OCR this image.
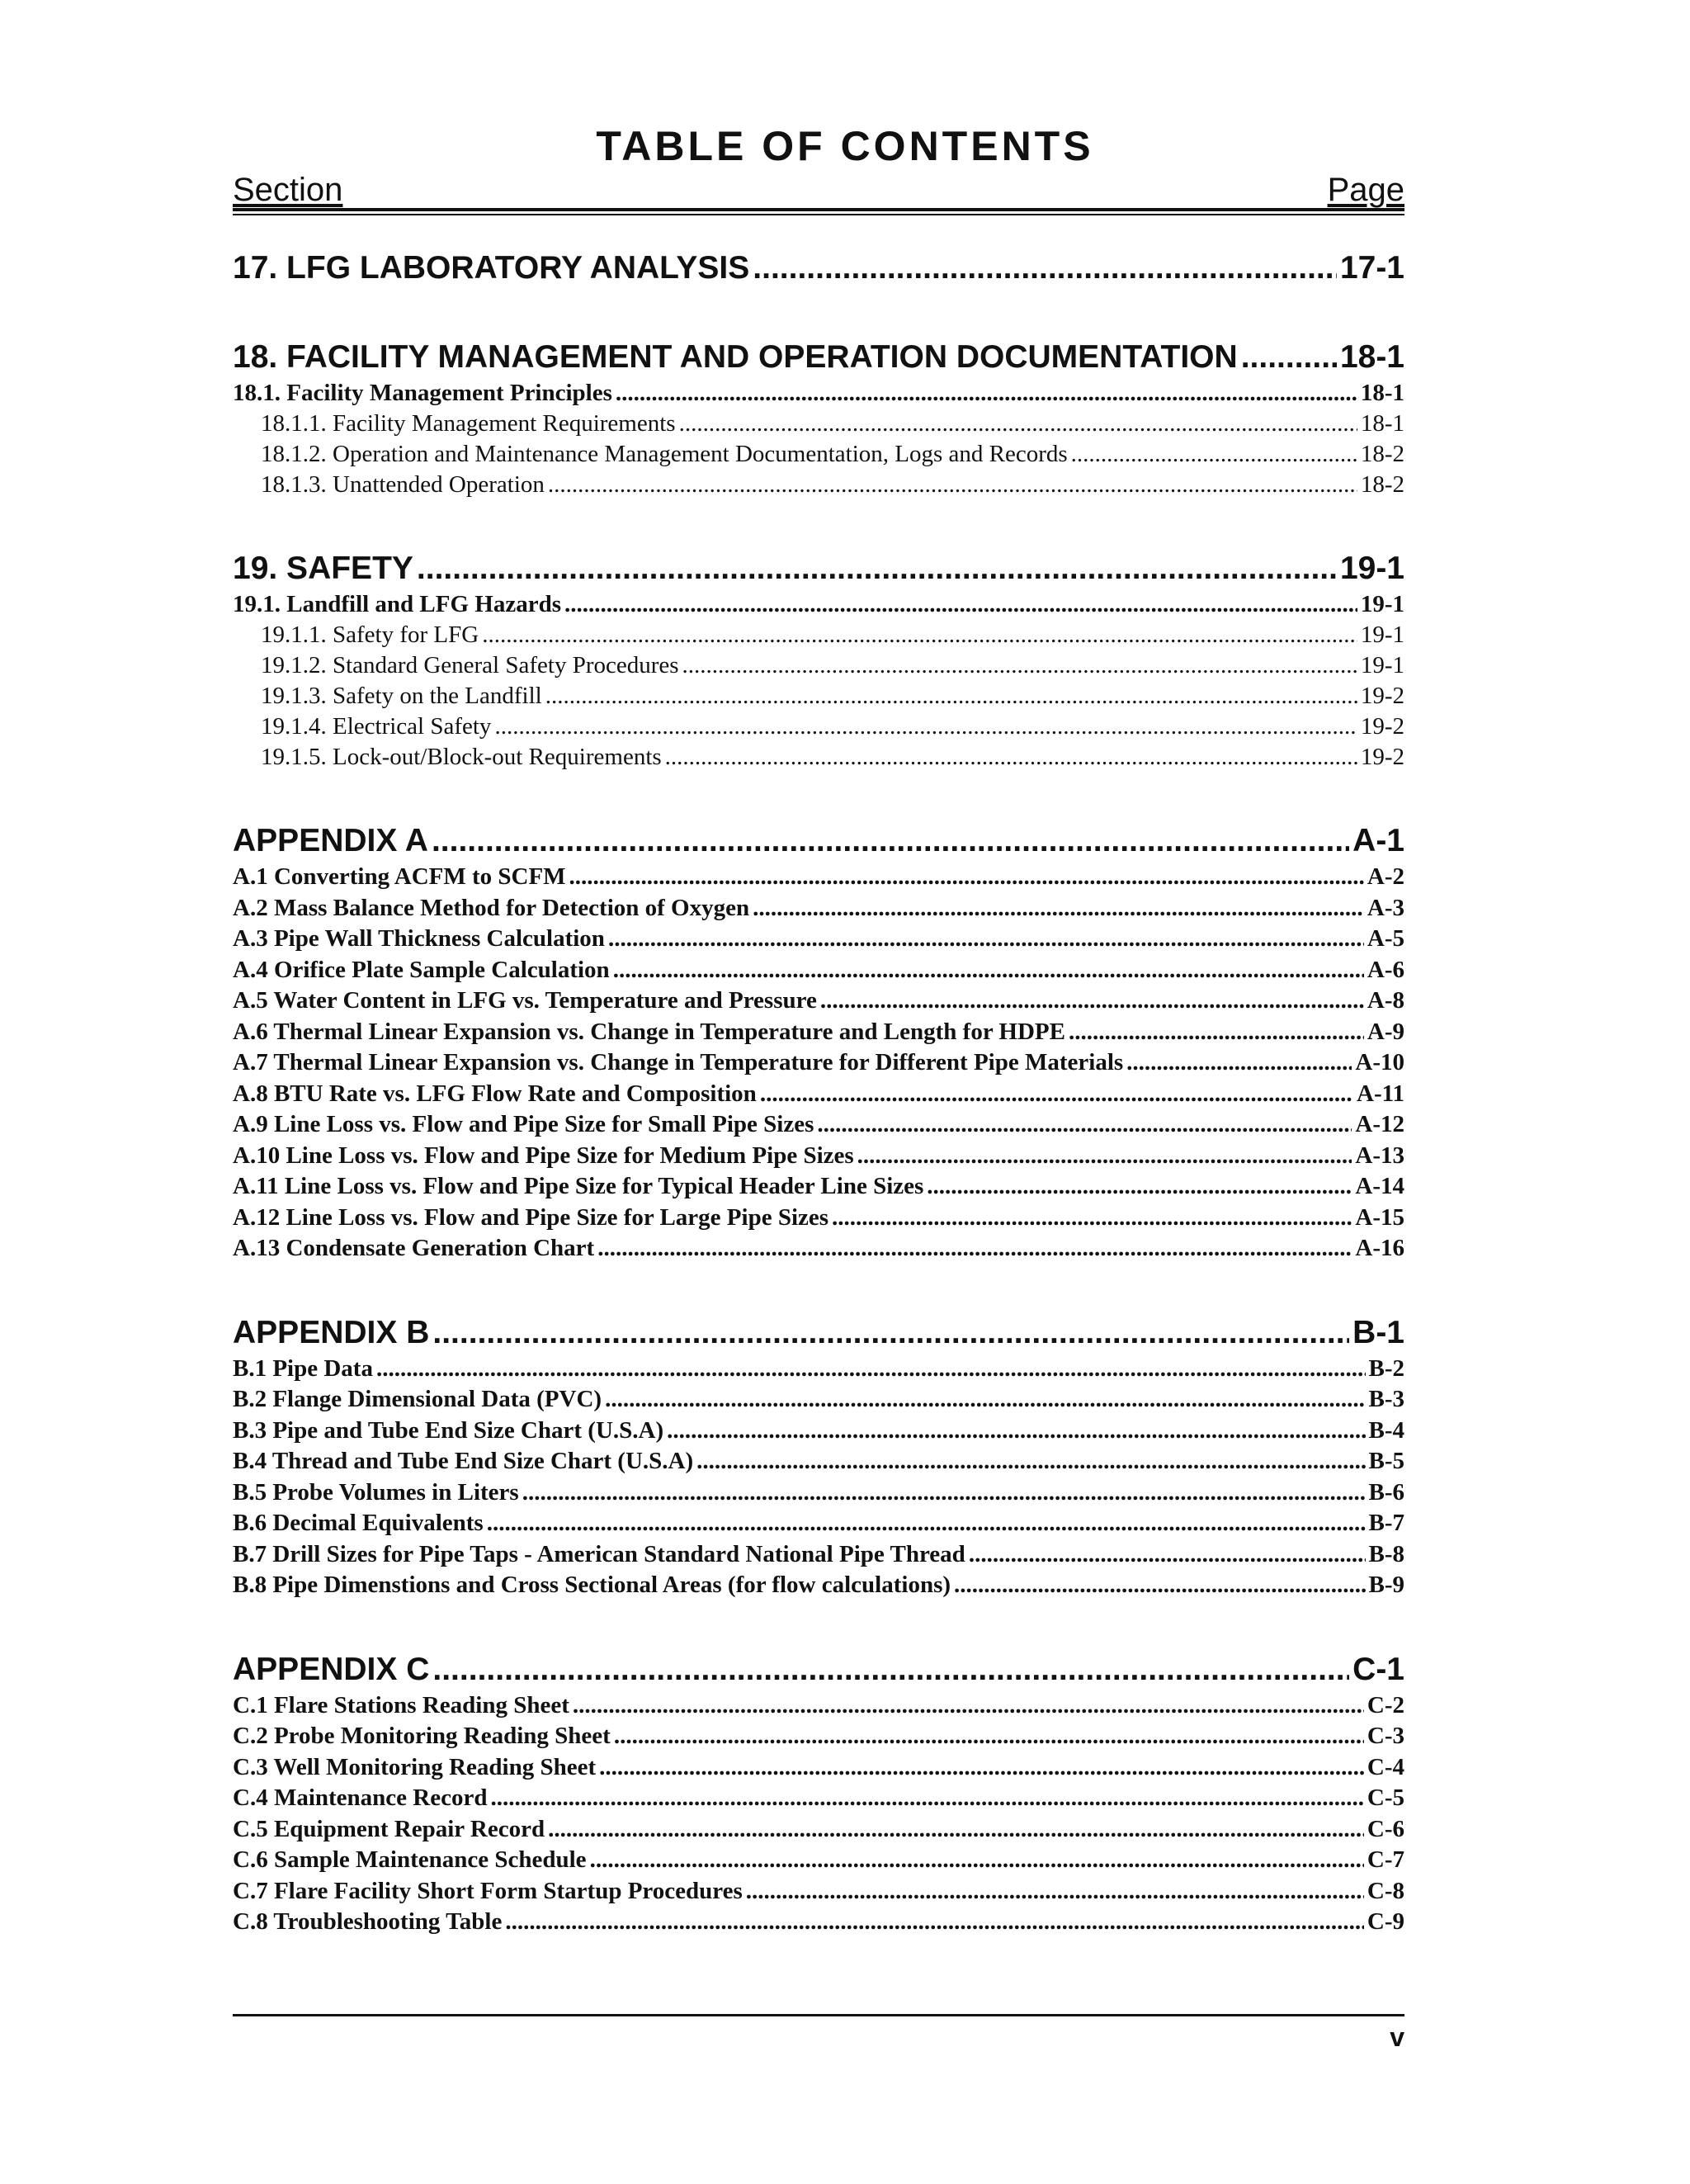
TABLE OF CONTENTS
Section	Page
17. LFG LABORATORY ANALYSIS .....	17-1
18. FACILITY MANAGEMENT AND OPERATION DOCUMENTATION .....	18-1
18.1. Facility Management Principles .....	18-1
18.1.1. Facility Management Requirements .....	18-1
18.1.2. Operation and Maintenance Management Documentation, Logs and Records .....	18-2
18.1.3. Unattended Operation .....	18-2
19. SAFETY .....	19-1
19.1. Landfill and LFG Hazards .....	19-1
19.1.1. Safety for LFG .....	19-1
19.1.2. Standard General Safety Procedures .....	19-1
19.1.3. Safety on the Landfill .....	19-2
19.1.4. Electrical Safety .....	19-2
19.1.5. Lock-out/Block-out Requirements .....	19-2
APPENDIX A .....	A-1
A.1 Converting ACFM to SCFM .....	A-2
A.2 Mass Balance Method for Detection of Oxygen .....	A-3
A.3 Pipe Wall Thickness Calculation .....	A-5
A.4 Orifice Plate Sample Calculation .....	A-6
A.5 Water Content in LFG vs. Temperature and Pressure .....	A-8
A.6 Thermal Linear Expansion vs. Change in Temperature and Length for HDPE .....	A-9
A.7 Thermal Linear Expansion vs. Change in Temperature for Different Pipe Materials .....	A-10
A.8 BTU Rate vs. LFG Flow Rate and Composition .....	A-11
A.9 Line Loss vs. Flow and Pipe Size for Small Pipe Sizes .....	A-12
A.10 Line Loss vs. Flow and Pipe Size for Medium Pipe Sizes .....	A-13
A.11 Line Loss vs. Flow and Pipe Size for Typical Header Line Sizes .....	A-14
A.12 Line Loss vs. Flow and Pipe Size for Large Pipe Sizes .....	A-15
A.13 Condensate Generation Chart .....	A-16
APPENDIX B .....	B-1
B.1 Pipe Data .....	B-2
B.2 Flange Dimensional Data (PVC) .....	B-3
B.3 Pipe and Tube End Size Chart (U.S.A) .....	B-4
B.4 Thread and Tube End Size Chart (U.S.A) .....	B-5
B.5 Probe Volumes in Liters .....	B-6
B.6 Decimal Equivalents .....	B-7
B.7 Drill Sizes for Pipe Taps - American Standard National Pipe Thread .....	B-8
B.8 Pipe Dimenstions and Cross Sectional Areas (for flow calculations) .....	B-9
APPENDIX C .....	C-1
C.1 Flare Stations Reading Sheet .....	C-2
C.2 Probe Monitoring Reading Sheet .....	C-3
C.3 Well Monitoring Reading Sheet .....	C-4
C.4 Maintenance Record .....	C-5
C.5 Equipment Repair Record .....	C-6
C.6 Sample Maintenance Schedule .....	C-7
C.7 Flare Facility Short Form Startup Procedures .....	C-8
C.8 Troubleshooting Table .....	C-9
v
